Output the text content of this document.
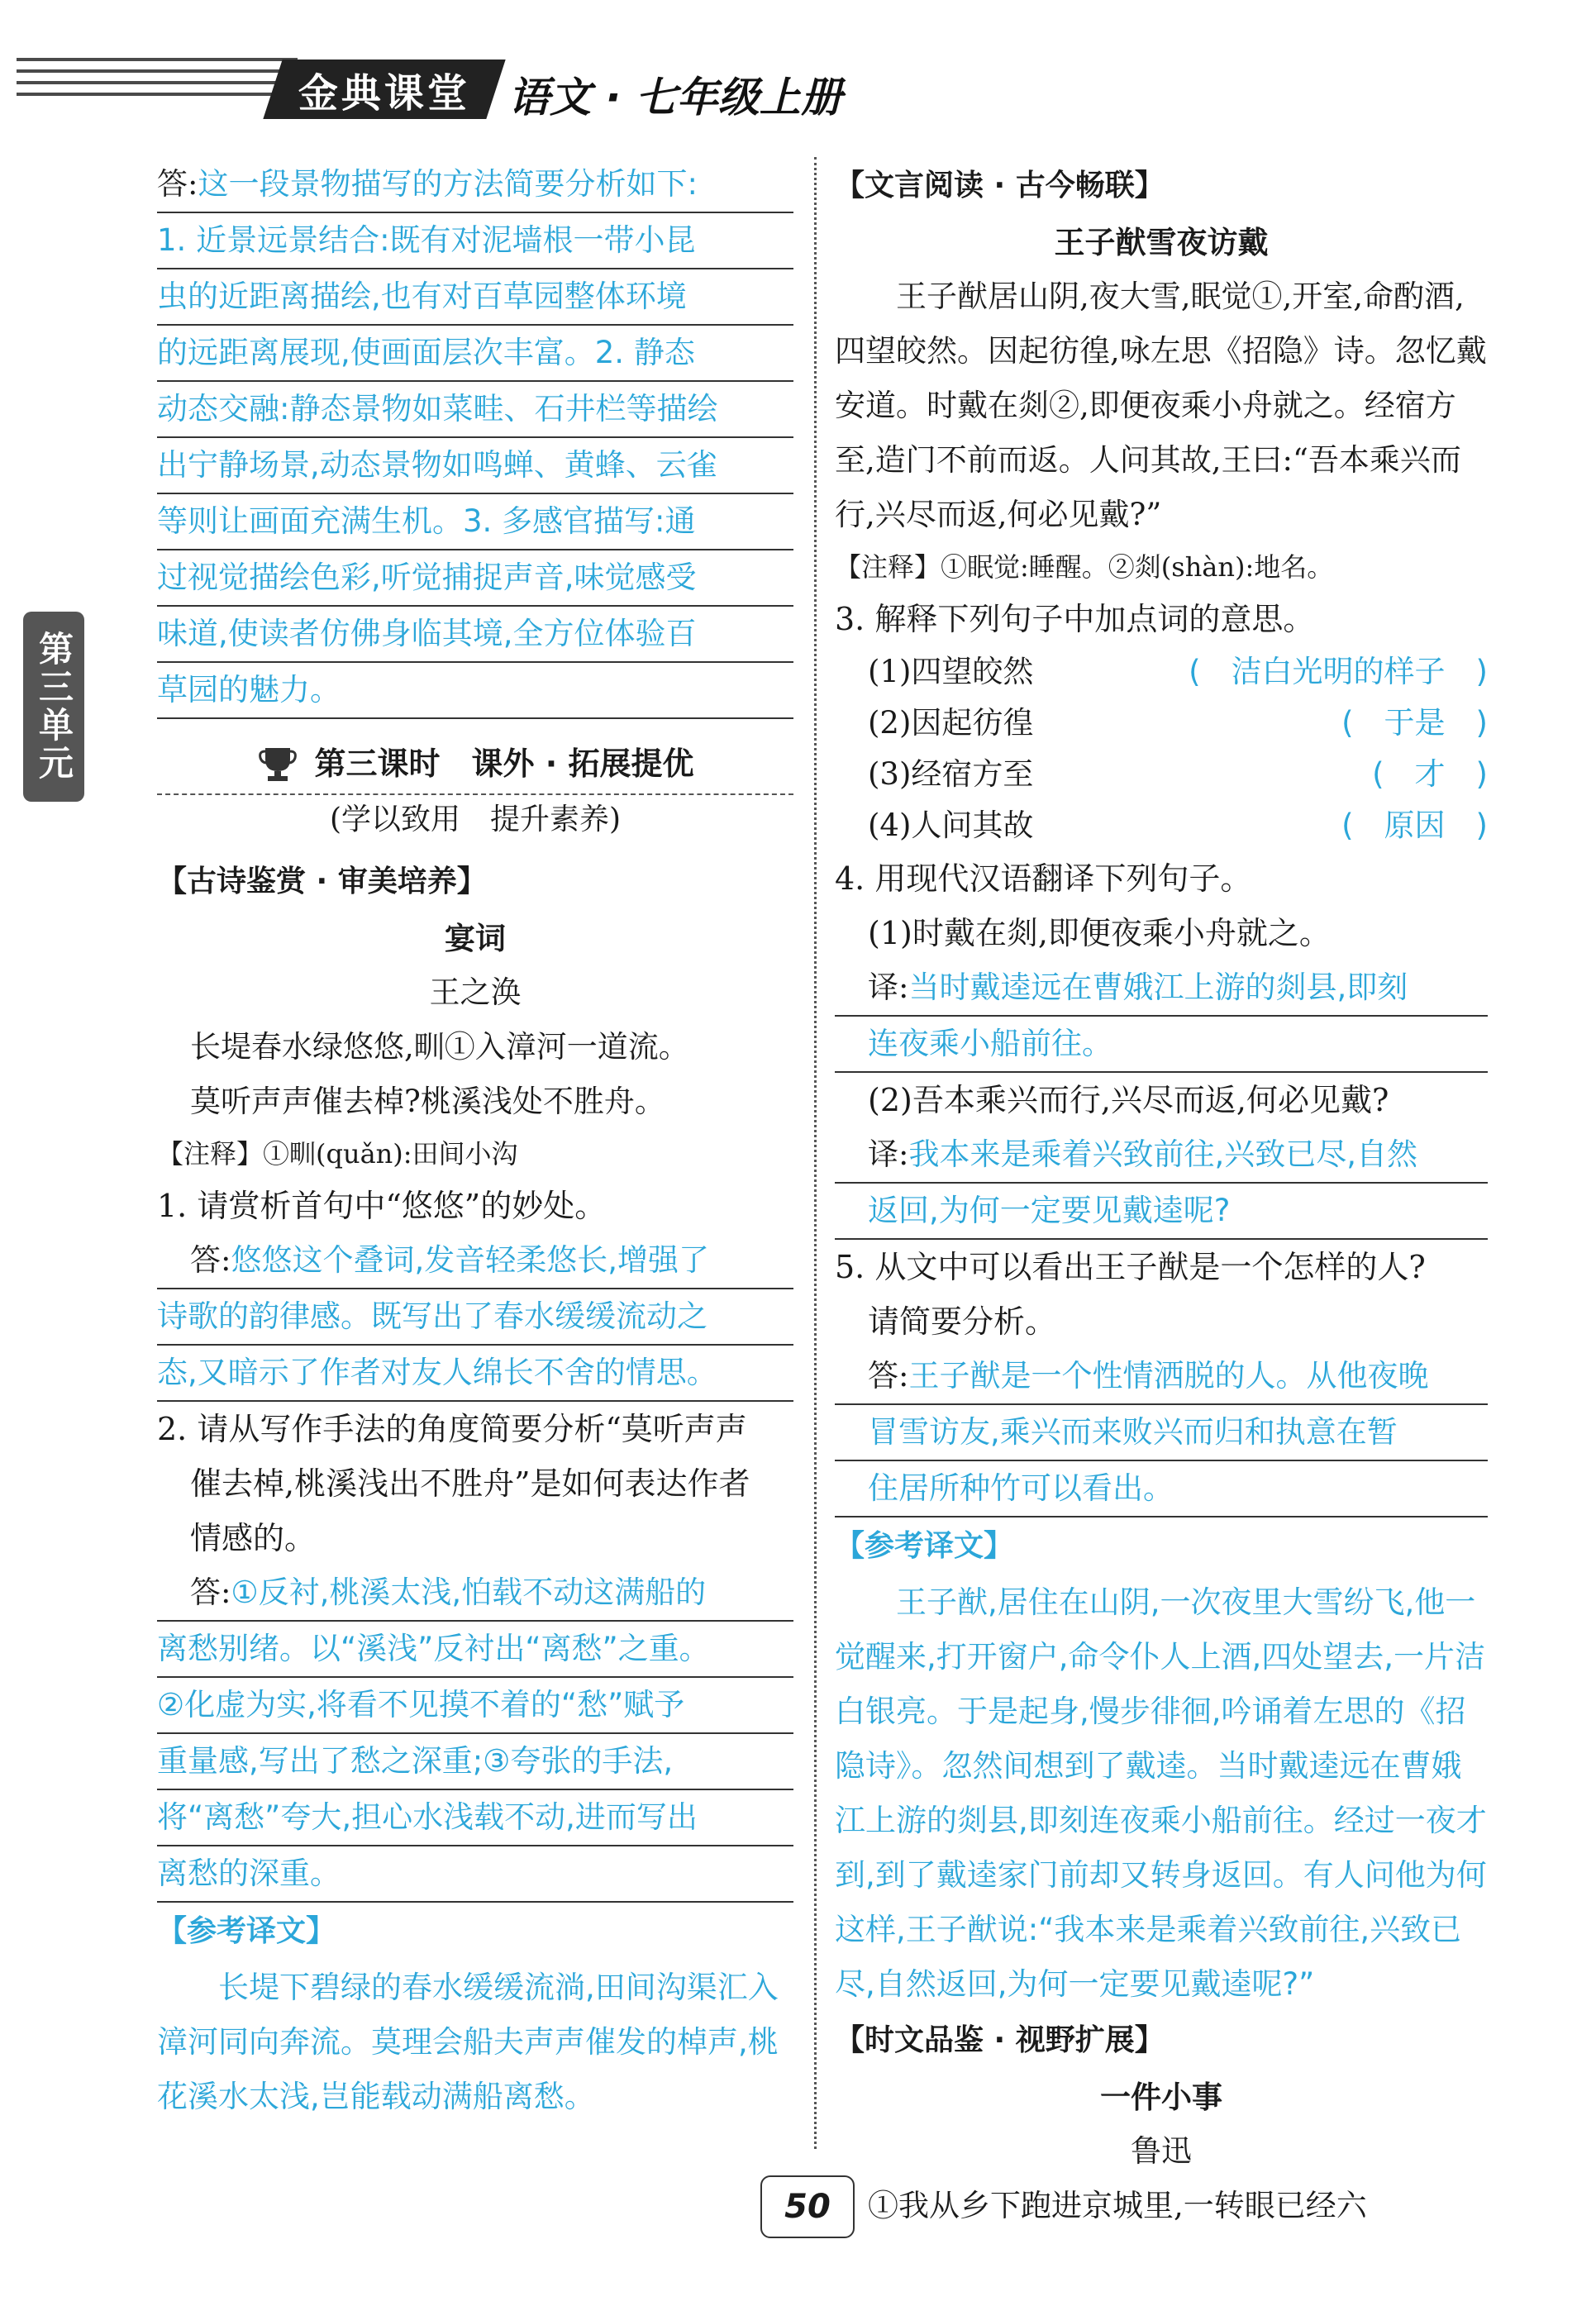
金典课堂 语文 · 七年级上册
第三单元
答:这一段景物描写的方法简要分析如下:
1. 近景远景结合:既有对泥墙根一带小昆
虫的近距离描绘,也有对百草园整体环境
的远距离展现,使画面层次丰富。2. 静态
动态交融:静态景物如菜畦、石井栏等描绘
出宁静场景,动态景物如鸣蝉、黄蜂、云雀
等则让画面充满生机。3. 多感官描写:通
过视觉描绘色彩,听觉捕捉声音,味觉感受
味道,使读者仿佛身临其境,全方位体验百
草园的魅力。
第三课时　课外 · 拓展提优
(学以致用　提升素养)
【古诗鉴赏 · 审美培养】
宴词
王之涣
长堤春水绿悠悠,甽①入漳河一道流。
莫听声声催去棹?桃溪浅处不胜舟。
【注释】①甽(quǎn):田间小沟
1. 请赏析首句中“悠悠”的妙处。
答:悠悠这个叠词,发音轻柔悠长,增强了
诗歌的韵律感。既写出了春水缓缓流动之
态,又暗示了作者对友人绵长不舍的情思。
2. 请从写作手法的角度简要分析“莫听声声
催去棹,桃溪浅出不胜舟”是如何表达作者
情感的。
答:①反衬,桃溪太浅,怕载不动这满船的
离愁别绪。以“溪浅”反衬出“离愁”之重。
②化虚为实,将看不见摸不着的“愁”赋予
重量感,写出了愁之深重;③夸张的手法,
将“离愁”夸大,担心水浅载不动,进而写出
离愁的深重。
【参考译文】
长堤下碧绿的春水缓缓流淌,田间沟渠汇入漳河同向奔流。莫理会船夫声声催发的棹声,桃花溪水太浅,岂能载动满船离愁。
【文言阅读 · 古今畅联】
王子猷雪夜访戴
王子猷居山阴,夜大雪,眠觉①,开室,命酌酒,四望皎然。因起彷徨,咏左思《招隐》诗。忽忆戴安道。时戴在剡②,即便夜乘小舟就之。经宿方至,造门不前而返。人问其故,王曰:“吾本乘兴而行,兴尽而返,何必见戴?”
【注释】①眠觉:睡醒。②剡(shàn):地名。
3. 解释下列句子中加点词的意思。
(1)四望皎然	(　洁白光明的样子　)
(2)因起彷徨	(　于是　)
(3)经宿方至	(　才　)
(4)人问其故	(　原因　)
4. 用现代汉语翻译下列句子。
(1)时戴在剡,即便夜乘小舟就之。
译:当时戴逵远在曹娥江上游的剡县,即刻
连夜乘小船前往。
(2)吾本乘兴而行,兴尽而返,何必见戴?
译:我本来是乘着兴致前往,兴致已尽,自然
返回,为何一定要见戴逵呢?
5. 从文中可以看出王子猷是一个怎样的人?
请简要分析。
答:王子猷是一个性情洒脱的人。从他夜晚
冒雪访友,乘兴而来败兴而归和执意在暂
住居所种竹可以看出。
【参考译文】
王子猷,居住在山阴,一次夜里大雪纷飞,他一觉醒来,打开窗户,命令仆人上酒,四处望去,一片洁白银亮。于是起身,慢步徘徊,吟诵着左思的《招隐诗》。忽然间想到了戴逵。当时戴逵远在曹娥江上游的剡县,即刻连夜乘小船前往。经过一夜才到,到了戴逵家门前却又转身返回。有人问他为何这样,王子猷说:“我本来是乘着兴致前往,兴致已尽,自然返回,为何一定要见戴逵呢?”
【时文品鉴 · 视野扩展】
一件小事
鲁迅
①我从乡下跑进京城里,一转眼已经六
50
